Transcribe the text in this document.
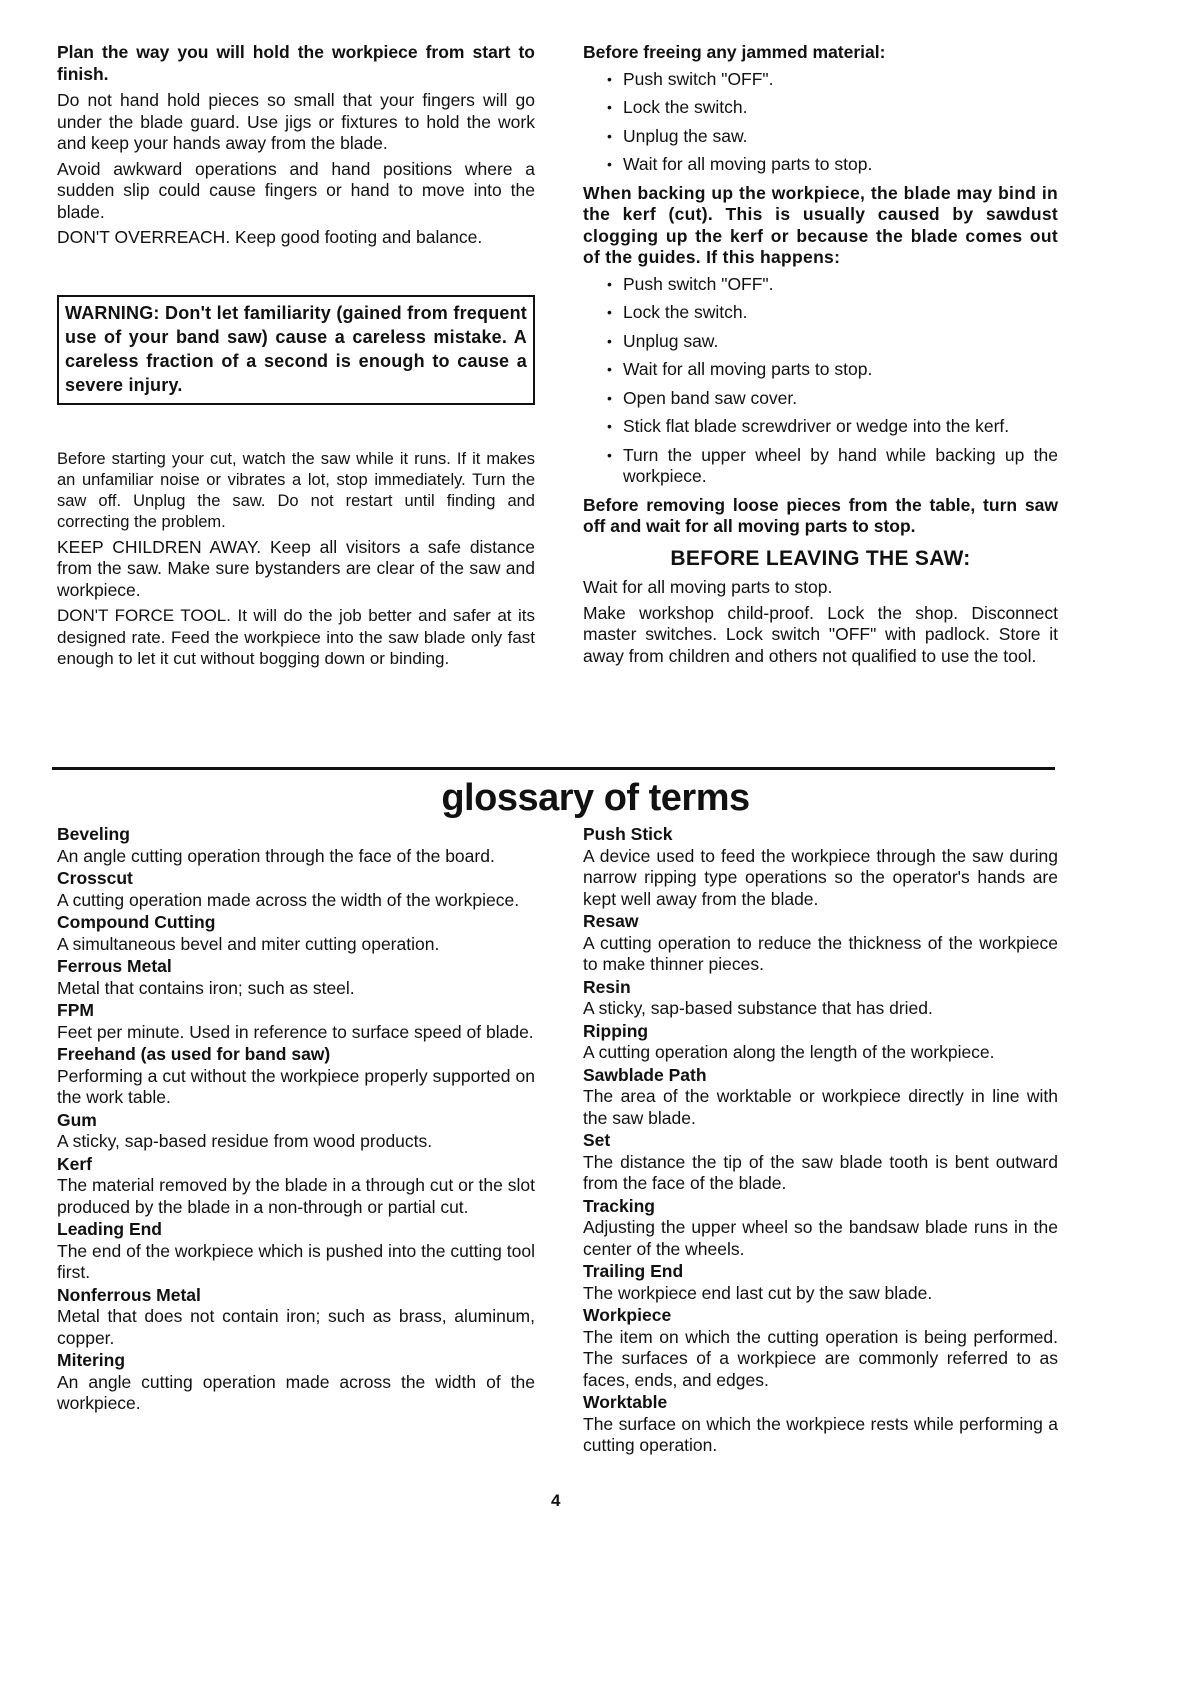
Plan the way you will hold the workpiece from start to finish.

Do not hand hold pieces so small that your fingers will go under the blade guard. Use jigs or fixtures to hold the work and keep your hands away from the blade.

Avoid awkward operations and hand positions where a sudden slip could cause fingers or hand to move into the blade.

DON'T OVERREACH. Keep good footing and balance.

WARNING: Don't let familiarity (gained from frequent use of your band saw) cause a careless mistake. A careless fraction of a second is enough to cause a severe injury.

Before starting your cut, watch the saw while it runs. If it makes an unfamiliar noise or vibrates a lot, stop immediately. Turn the saw off. Unplug the saw. Do not restart until finding and correcting the problem.

KEEP CHILDREN AWAY. Keep all visitors a safe distance from the saw. Make sure bystanders are clear of the saw and workpiece.

DON'T FORCE TOOL. It will do the job better and safer at its designed rate. Feed the workpiece into the saw blade only fast enough to let it cut without bogging down or binding.

Before freeing any jammed material:

• Push switch "OFF".
• Lock the switch.
• Unplug the saw.
• Wait for all moving parts to stop.

When backing up the workpiece, the blade may bind in the kerf (cut). This is usually caused by sawdust clogging up the kerf or because the blade comes out of the guides. If this happens:

• Push switch "OFF".
• Lock the switch.
• Unplug saw.
• Wait for all moving parts to stop.
• Open band saw cover.
• Stick flat blade screwdriver or wedge into the kerf.
• Turn the upper wheel by hand while backing up the workpiece.

Before removing loose pieces from the table, turn saw off and wait for all moving parts to stop.

BEFORE LEAVING THE SAW:

Wait for all moving parts to stop.

Make workshop child-proof. Lock the shop. Disconnect master switches. Lock switch "OFF" with padlock. Store it away from children and others not qualified to use the tool.

glossary of terms
Beveling
An angle cutting operation through the face of the board.
Crosscut
A cutting operation made across the width of the workpiece.
Compound Cutting
A simultaneous bevel and miter cutting operation.
Ferrous Metal
Metal that contains iron; such as steel.
FPM
Feet per minute. Used in reference to surface speed of blade.
Freehand (as used for band saw)
Performing a cut without the workpiece properly supported on the work table.
Gum
A sticky, sap-based residue from wood products.
Kerf
The material removed by the blade in a through cut or the slot produced by the blade in a non-through or partial cut.
Leading End
The end of the workpiece which is pushed into the cutting tool first.
Nonferrous Metal
Metal that does not contain iron; such as brass, aluminum, copper.
Mitering
An angle cutting operation made across the width of the workpiece.
Push Stick
A device used to feed the workpiece through the saw during narrow ripping type operations so the operator's hands are kept well away from the blade.
Resaw
A cutting operation to reduce the thickness of the workpiece to make thinner pieces.
Resin
A sticky, sap-based substance that has dried.
Ripping
A cutting operation along the length of the workpiece.
Sawblade Path
The area of the worktable or workpiece directly in line with the saw blade.
Set
The distance the tip of the saw blade tooth is bent outward from the face of the blade.
Tracking
Adjusting the upper wheel so the bandsaw blade runs in the center of the wheels.
Trailing End
The workpiece end last cut by the saw blade.
Workpiece
The item on which the cutting operation is being performed. The surfaces of a workpiece are commonly referred to as faces, ends, and edges.
Worktable
The surface on which the workpiece rests while performing a cutting operation.
4
